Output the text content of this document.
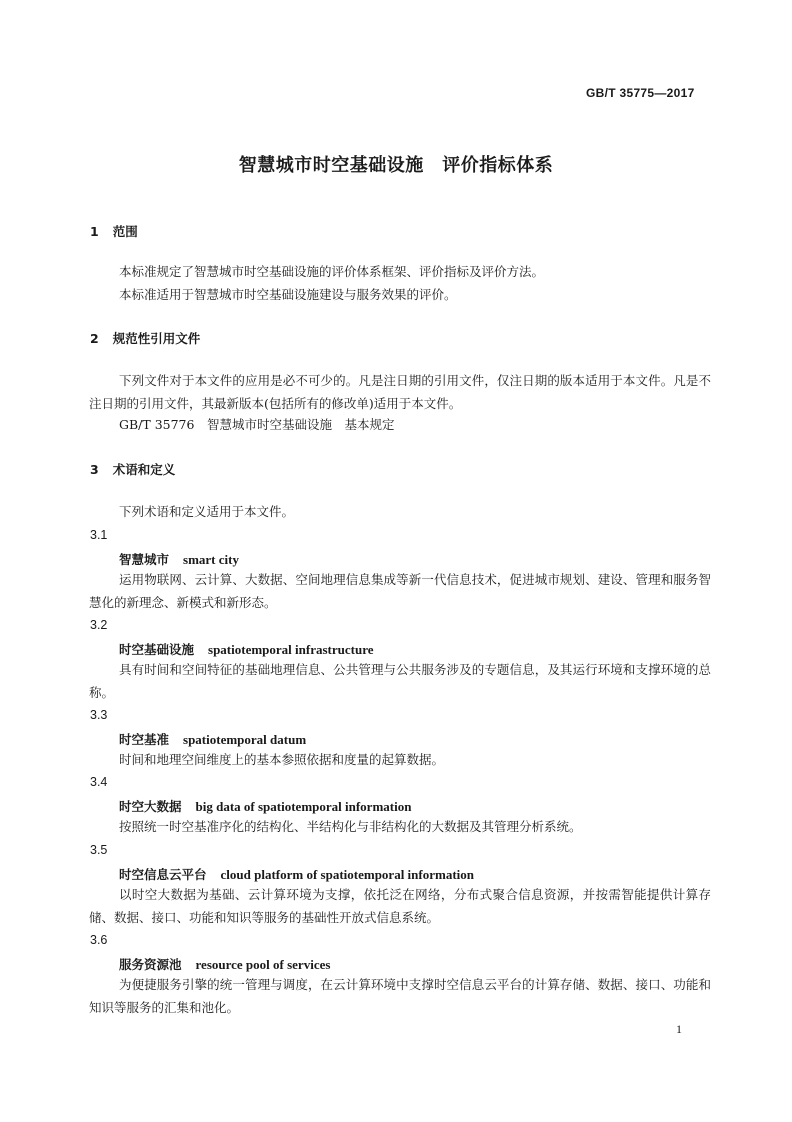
GB/T 35775—2017
智慧城市时空基础设施　评价指标体系
1 范围
本标准规定了智慧城市时空基础设施的评价体系框架、评价指标及评价方法。
本标准适用于智慧城市时空基础设施建设与服务效果的评价。
2 规范性引用文件
下列文件对于本文件的应用是必不可少的。凡是注日期的引用文件，仅注日期的版本适用于本文件。凡是不注日期的引用文件，其最新版本(包括所有的修改单)适用于本文件。
GB/T 35776　智慧城市时空基础设施　基本规定
3 术语和定义
下列术语和定义适用于本文件。
3.1
智慧城市 smart city
运用物联网、云计算、大数据、空间地理信息集成等新一代信息技术，促进城市规划、建设、管理和服务智慧化的新理念、新模式和新形态。
3.2
时空基础设施 spatiotemporal infrastructure
具有时间和空间特征的基础地理信息、公共管理与公共服务涉及的专题信息，及其运行环境和支撑环境的总称。
3.3
时空基准 spatiotemporal datum
时间和地理空间维度上的基本参照依据和度量的起算数据。
3.4
时空大数据 big data of spatiotemporal information
按照统一时空基准序化的结构化、半结构化与非结构化的大数据及其管理分析系统。
3.5
时空信息云平台 cloud platform of spatiotemporal information
以时空大数据为基础、云计算环境为支撑，依托泛在网络，分布式聚合信息资源，并按需智能提供计算存储、数据、接口、功能和知识等服务的基础性开放式信息系统。
3.6
服务资源池 resource pool of services
为便捷服务引擎的统一管理与调度，在云计算环境中支撑时空信息云平台的计算存储、数据、接口、功能和知识等服务的汇集和池化。
1
